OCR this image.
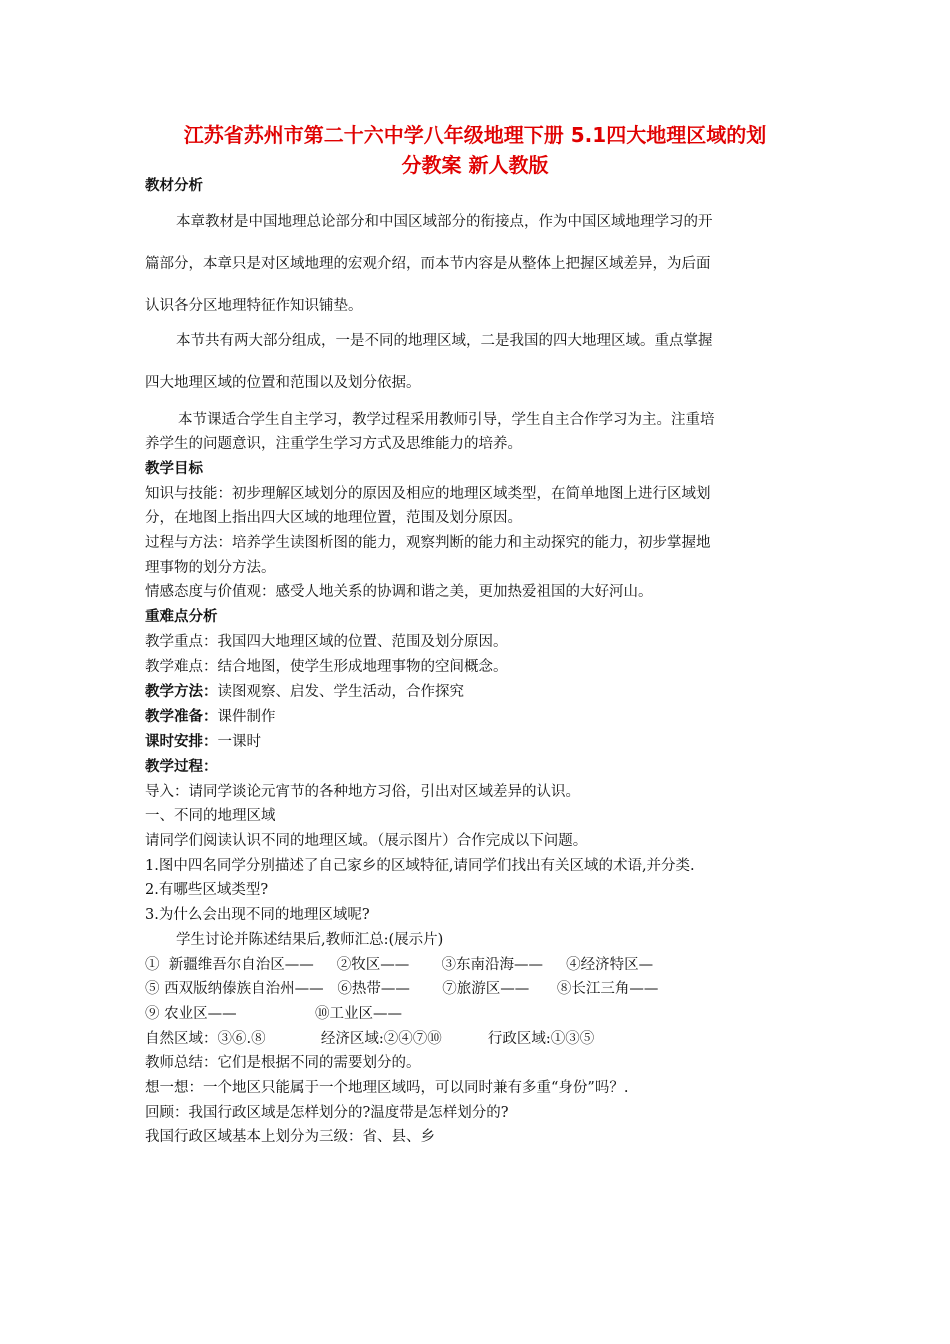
江苏省苏州市第二十六中学八年级地理下册 5.1四大地理区域的划
分教案 新人教版
教材分析
本章教材是中国地理总论部分和中国区域部分的衔接点，作为中国区域地理学习的开
篇部分，本章只是对区域地理的宏观介绍，而本节内容是从整体上把握区域差异，为后面
认识各分区地理特征作知识铺垫。
本节共有两大部分组成，一是不同的地理区域，二是我国的四大地理区域。重点掌握
四大地理区域的位置和范围以及划分依据。
本节课适合学生自主学习，教学过程采用教师引导，学生自主合作学习为主。注重培
养学生的问题意识，注重学生学习方式及思维能力的培养。
教学目标
知识与技能：初步理解区域划分的原因及相应的地理区域类型，在简单地图上进行区域划
分，在地图上指出四大区域的地理位置，范围及划分原因。
过程与方法：培养学生读图析图的能力，观察判断的能力和主动探究的能力，初步掌握地
理事物的划分方法。
情感态度与价值观：感受人地关系的协调和谐之美，更加热爱祖国的大好河山。
重难点分析
教学重点：我国四大地理区域的位置、范围及划分原因。
教学难点：结合地图，使学生形成地理事物的空间概念。
教学方法：读图观察、启发、学生活动，合作探究
教学准备：课件制作
课时安排：一课时
教学过程：
导入：请同学谈论元宵节的各种地方习俗，引出对区域差异的认识。
一、不同的地理区域
请同学们阅读认识不同的地理区域。（展示图片）合作完成以下问题。
1.图中四名同学分别描述了自己家乡的区域特征,请同学们找出有关区域的术语,并分类.
2.有哪些区域类型?
3.为什么会出现不同的地理区域呢?
学生讨论并陈述结果后,教师汇总:(展示片)
①  新疆维吾尔自治区——     ②牧区——       ③东南沿海——     ④经济特区—
⑤ 西双版纳傣族自治州——   ⑥热带——       ⑦旅游区——      ⑧长江三角——
⑨ 农业区——                 ⑩工业区——
自然区域：③⑥.⑧            经济区域:②④⑦⑩          行政区域:①③⑤
教师总结：它们是根据不同的需要划分的。
想一想：一个地区只能属于一个地理区域吗，可以同时兼有多重“身份”吗？.
回顾：我国行政区域是怎样划分的?温度带是怎样划分的?
我国行政区域基本上划分为三级：省、县、乡
